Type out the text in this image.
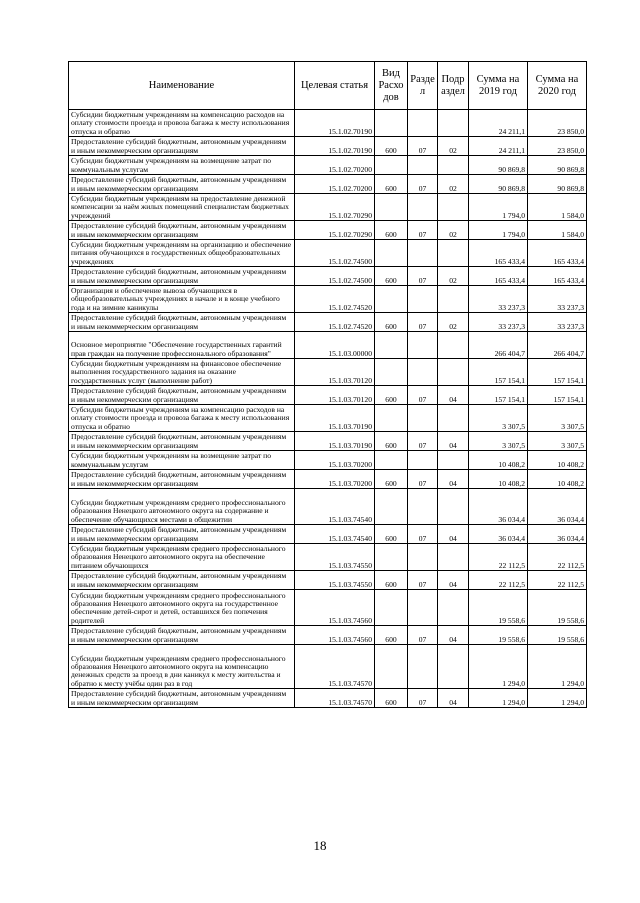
Наименование	Целевая статья	Вид Расхо дов	Разде л	Подр аздел	Сумма на 2019 год	Сумма на 2020 год
Субсидии бюджетным учреждениям на компенсацию расходов на оплату стоимости проезда и провоза багажа к месту использования отпуска и обратно	15.1.02.70190				24 211,1	23 850,0
Предоставление субсидий бюджетным, автономным учреждениям и иным некоммерческим организациям	15.1.02.70190	600	07	02	24 211,1	23 850,0
Субсидии бюджетным учреждениям на возмещение затрат по коммунальным услугам	15.1.02.70200				90 869,8	90 869,8
Предоставление субсидий бюджетным, автономным учреждениям и иным некоммерческим организациям	15.1.02.70200	600	07	02	90 869,8	90 869,8
Субсидии бюджетным учреждениям на предоставление денежной компенсации за наём жилых помещений специалистам бюджетных учреждений	15.1.02.70290				1 794,0	1 584,0
Предоставление субсидий бюджетным, автономным учреждениям и иным некоммерческим организациям	15.1.02.70290	600	07	02	1 794,0	1 584,0
Субсидии бюджетным учреждениям на организацию и обеспечение питания обучающихся в государственных общеобразовательных учреждениях	15.1.02.74500				165 433,4	165 433,4
Предоставление субсидий бюджетным, автономным учреждениям и иным некоммерческим организациям	15.1.02.74500	600	07	02	165 433,4	165 433,4
Организация и обеспечение вывоза обучающихся в общеобразовательных учреждениях в начале и в конце учебного года и на зимние каникулы	15.1.02.74520				33 237,3	33 237,3
Предоставление субсидий бюджетным, автономным учреждениям и иным некоммерческим организациям	15.1.02.74520	600	07	02	33 237,3	33 237,3
Основное мероприятие "Обеспечение государственных гарантий прав граждан на получение профессионального образования"	15.1.03.00000				266 404,7	266 404,7
Субсидии бюджетным учреждениям на финансовое обеспечение выполнения государственного задания на оказание государственных услуг (выполнение работ)	15.1.03.70120				157 154,1	157 154,1
Предоставление субсидий бюджетным, автономным учреждениям и иным некоммерческим организациям	15.1.03.70120	600	07	04	157 154,1	157 154,1
Субсидии бюджетным учреждениям на компенсацию расходов на оплату стоимости проезда и провоза багажа к месту использования отпуска и обратно	15.1.03.70190				3 307,5	3 307,5
Предоставление субсидий бюджетным, автономным учреждениям и иным некоммерческим организациям	15.1.03.70190	600	07	04	3 307,5	3 307,5
Субсидии бюджетным учреждениям на возмещение затрат по коммунальным услугам	15.1.03.70200				10 408,2	10 408,2
Предоставление субсидий бюджетным, автономным учреждениям и иным некоммерческим организациям	15.1.03.70200	600	07	04	10 408,2	10 408,2
Субсидии бюджетным учреждениям среднего профессионального образования Ненецкого автономного округа на содержание и обеспечение обучающихся местами в общежитии	15.1.03.74540				36 034,4	36 034,4
Предоставление субсидий бюджетным, автономным учреждениям и иным некоммерческим организациям	15.1.03.74540	600	07	04	36 034,4	36 034,4
Субсидии бюджетным учреждениям среднего профессионального образования Ненецкого автономного округа на обеспечение питанием обучающихся	15.1.03.74550				22 112,5	22 112,5
Предоставление субсидий бюджетным, автономным учреждениям и иным некоммерческим организациям	15.1.03.74550	600	07	04	22 112,5	22 112,5
Субсидии бюджетным учреждениям среднего профессионального образования Ненецкого автономного округа на государственное обеспечение детей-сирот и детей, оставшихся без попечения родителей	15.1.03.74560				19 558,6	19 558,6
Предоставление субсидий бюджетным, автономным учреждениям и иным некоммерческим организациям	15.1.03.74560	600	07	04	19 558,6	19 558,6
Субсидии бюджетным учреждениям среднего профессионального образования Ненецкого автономного округа на компенсацию денежных средств за проезд в дни каникул к месту жительства и обратно к месту учёбы один раз в год	15.1.03.74570				1 294,0	1 294,0
Предоставление субсидий бюджетным, автономным учреждениям и иным некоммерческим организациям	15.1.03.74570	600	07	04	1 294,0	1 294,0
18
